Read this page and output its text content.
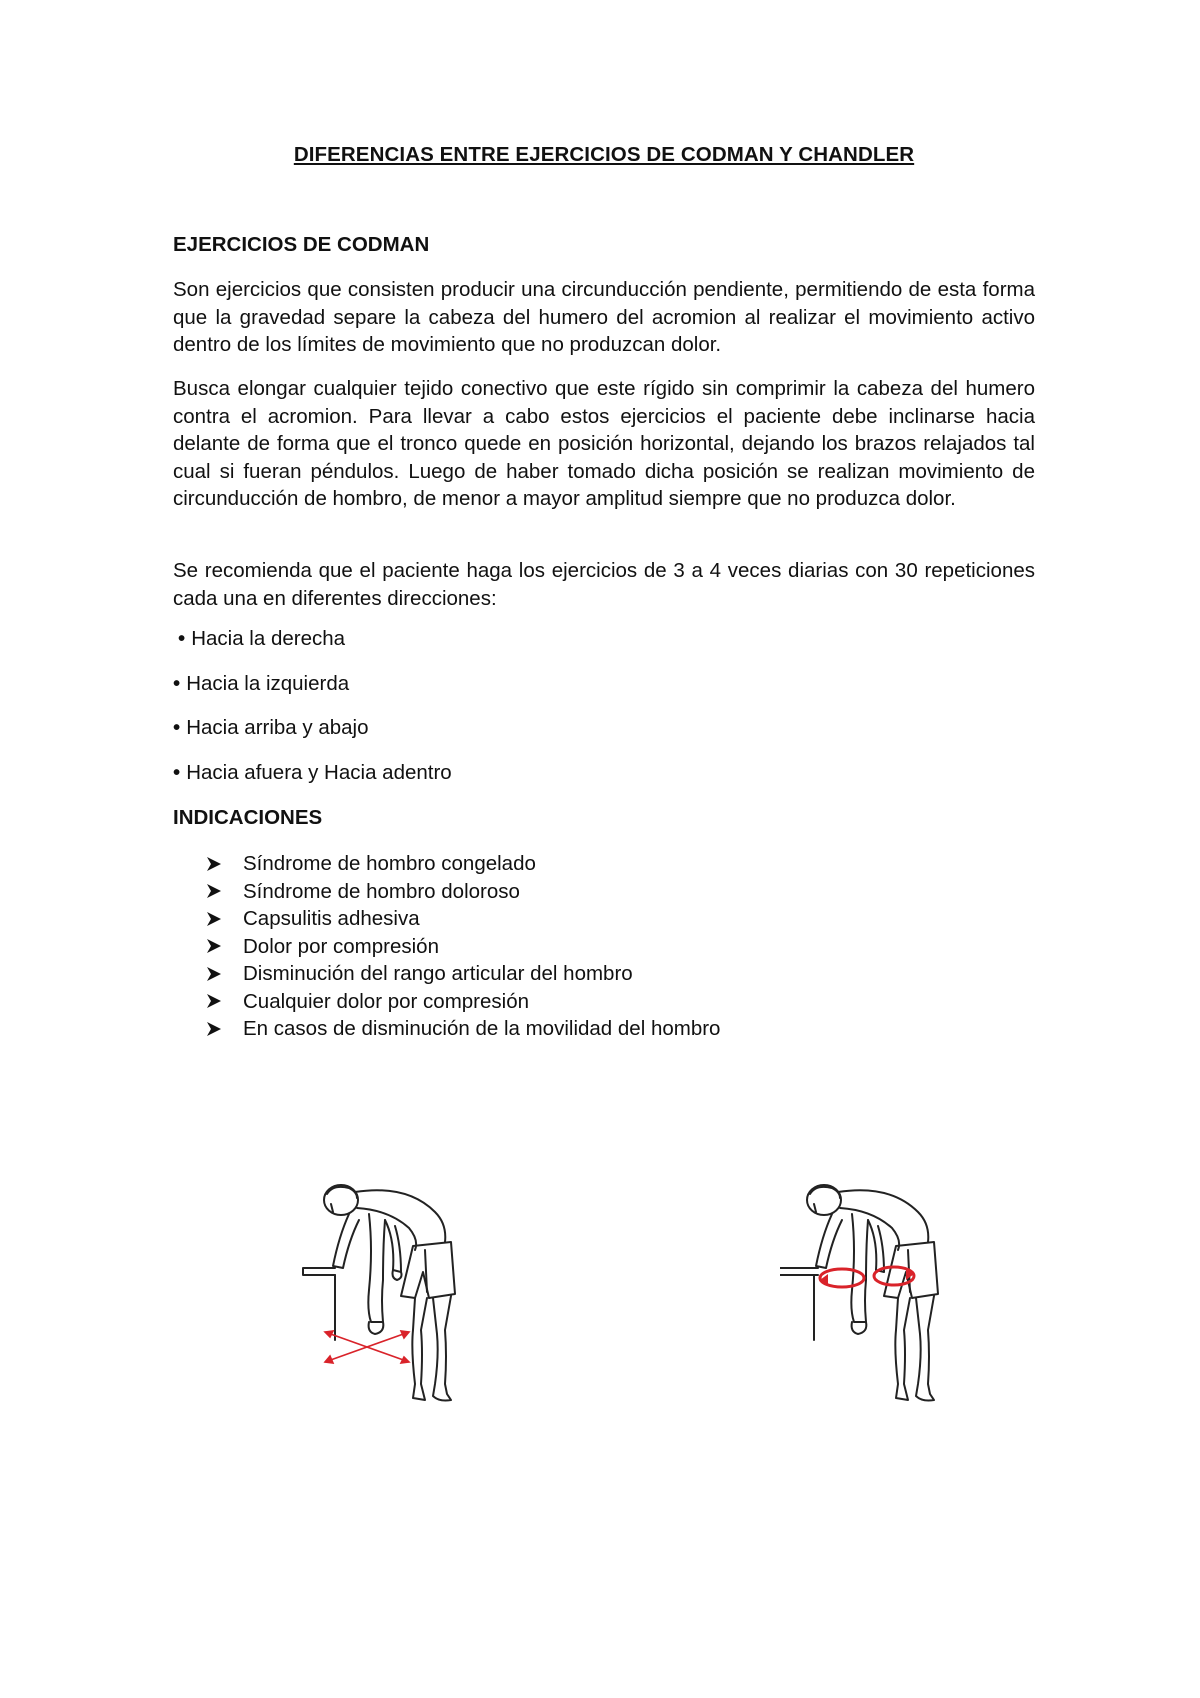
DIFERENCIAS ENTRE EJERCICIOS DE CODMAN Y CHANDLER
EJERCICIOS DE CODMAN

Son ejercicios que consisten producir una circunducción pendiente, permitiendo de esta forma que la gravedad separe la cabeza del humero del acromion al realizar el movimiento activo dentro de los límites de movimiento que no produzcan dolor.

Busca elongar cualquier tejido conectivo que este rígido sin comprimir la cabeza del humero contra el acromion. Para llevar a cabo estos ejercicios el paciente debe inclinarse hacia delante de forma que el tronco quede en posición horizontal, dejando los brazos relajados tal cual si fueran péndulos. Luego de haber tomado dicha posición se realizan movimiento de circunducción de hombro, de menor a mayor amplitud siempre que no produzca dolor.

Se recomienda que el paciente haga los ejercicios de 3 a 4 veces diarias con 30 repeticiones cada una en diferentes direcciones:

• Hacia la derecha
• Hacia la izquierda
• Hacia arriba y abajo
• Hacia afuera y Hacia adentro
INDICACIONES
Síndrome de hombro congelado
Síndrome de hombro doloroso
Capsulitis adhesiva
Dolor por compresión
Disminución del rango articular del hombro
Cualquier dolor por compresión
En casos de disminución de la movilidad del hombro
